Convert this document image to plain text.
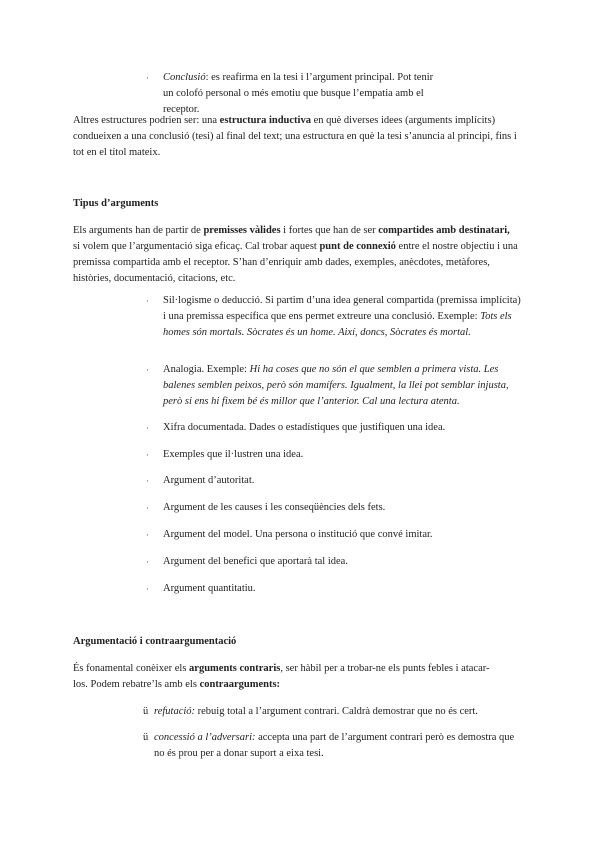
·	Conclusió: es reafirma en la tesi i l’argument principal. Pot tenir un colofó personal o més emotiu que busque l’empatia amb el receptor.

Altres estructures podrien ser: una estructura inductiva en què diverses idees (arguments implícits) condueixen a una conclusió (tesi) al final del text; una estructura en què la tesi s’anuncia al principi, fins i tot en el títol mateix.

Tipus d’arguments

Els arguments han de partir de premisses vàlides i fortes que han de ser compartides amb destinatari, si volem que l’argumentació siga eficaç. Cal trobar aquest punt de connexió entre el nostre objectiu i una premissa compartida amb el receptor. S’han d’enriquir amb dades, exemples, anècdotes, metàfores, històries, documentació, citacions, etc.

·	Sil·logisme o deducció. Si partim d’una idea general compartida (premissa implícita) i una premissa específica que ens permet extreure una conclusió. Exemple: Tots els homes són mortals. Sòcrates és un home. Així, doncs, Sòcrates és mortal.

·	Analogia. Exemple: Hi ha coses que no són el que semblen a primera vista. Les balenes semblen peixos, però són mamífers. Igualment, la llei pot semblar injusta, però si ens hi fixem bé és millor que l’anterior. Cal una lectura atenta.

·	Xifra documentada. Dades o estadístiques que justifiquen una idea.

·	Exemples que il·lustren una idea.

·	Argument d’autoritat.

·	Argument de les causes i les conseqüències dels fets.

·	Argument del model. Una persona o institució que convé imitar.

·	Argument del benefici que aportarà tal idea.

·	Argument quantitatiu.

Argumentació i contraargumentació

És fonamental conèixer els arguments contraris, ser hàbil per a trobar-ne els punts febles i atacar-los. Podem rebatre’ls amb els contraarguments:

ü refutació: rebuig total a l’argument contrari. Caldrà demostrar que no és cert.

ü concessió a l’adversari: accepta una part de l’argument contrari però es demostra que no és prou per a donar suport a eixa tesi.
